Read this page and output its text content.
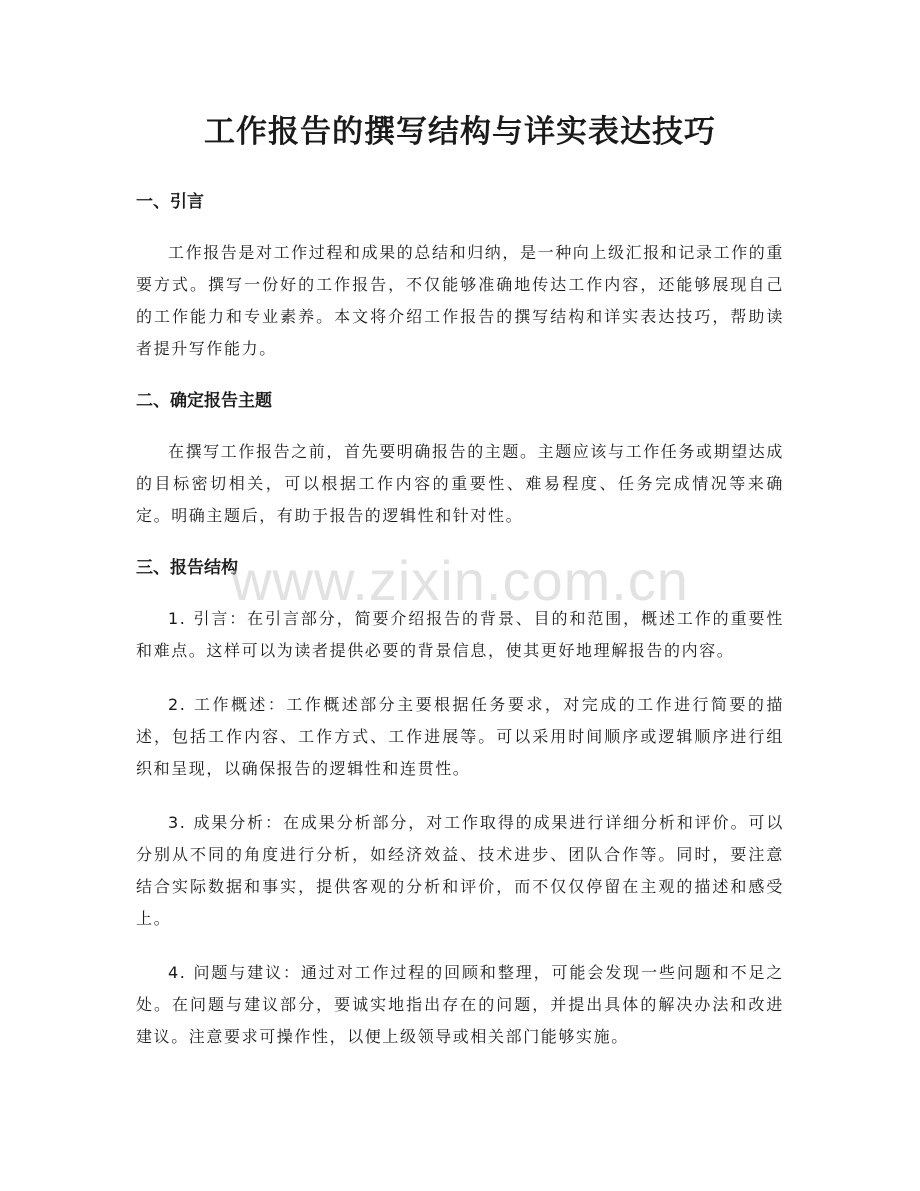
工作报告的撰写结构与详实表达技巧
一、引言

工作报告是对工作过程和成果的总结和归纳，是一种向上级汇报和记录工作的重要方式。撰写一份好的工作报告，不仅能够准确地传达工作内容，还能够展现自己的工作能力和专业素养。本文将介绍工作报告的撰写结构和详实表达技巧，帮助读者提升写作能力。

二、确定报告主题

在撰写工作报告之前，首先要明确报告的主题。主题应该与工作任务或期望达成的目标密切相关，可以根据工作内容的重要性、难易程度、任务完成情况等来确定。明确主题后，有助于报告的逻辑性和针对性。

三、报告结构

1. 引言：在引言部分，简要介绍报告的背景、目的和范围，概述工作的重要性和难点。这样可以为读者提供必要的背景信息，使其更好地理解报告的内容。

2. 工作概述：工作概述部分主要根据任务要求，对完成的工作进行简要的描述，包括工作内容、工作方式、工作进展等。可以采用时间顺序或逻辑顺序进行组织和呈现，以确保报告的逻辑性和连贯性。

3. 成果分析：在成果分析部分，对工作取得的成果进行详细分析和评价。可以分别从不同的角度进行分析，如经济效益、技术进步、团队合作等。同时，要注意结合实际数据和事实，提供客观的分析和评价，而不仅仅停留在主观的描述和感受上。

4. 问题与建议：通过对工作过程的回顾和整理，可能会发现一些问题和不足之处。在问题与建议部分，要诚实地指出存在的问题，并提出具体的解决办法和改进建议。注意要求可操作性，以便上级领导或相关部门能够实施。

www.zixin.com.cn
